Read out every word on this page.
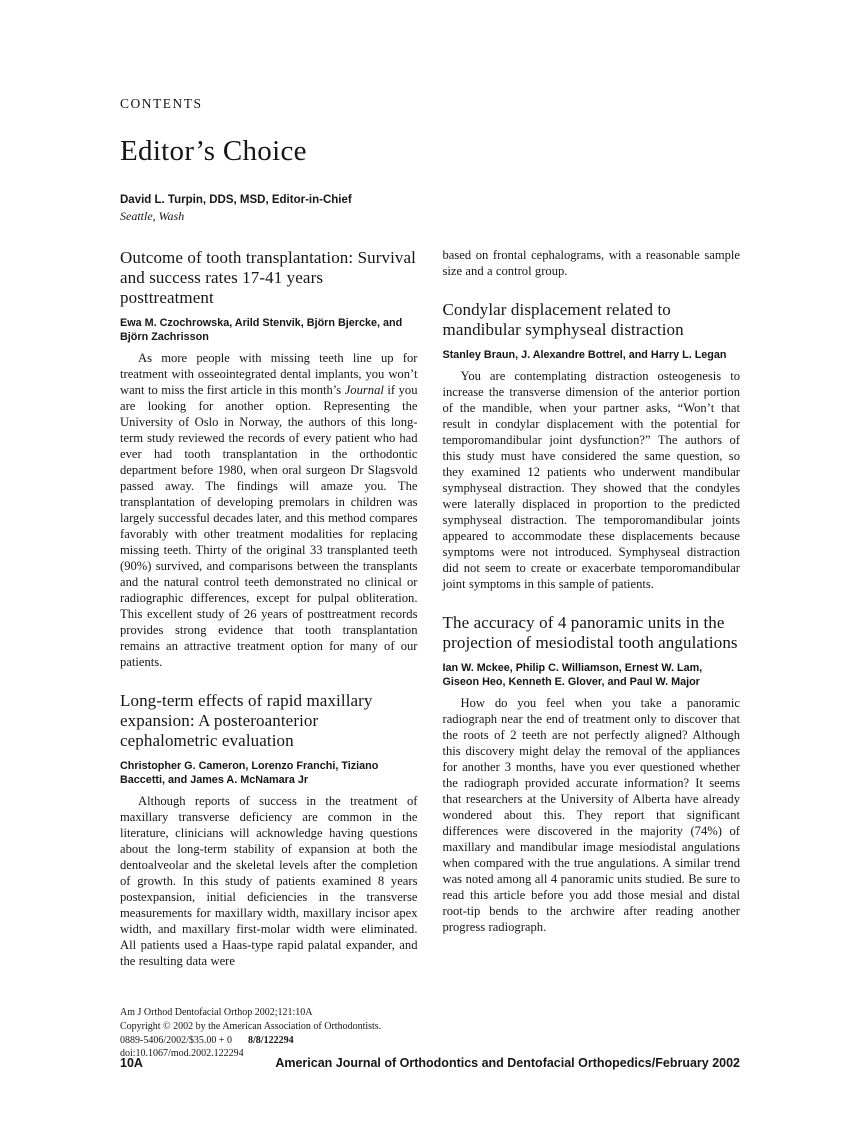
CONTENTS
Editor’s Choice
David L. Turpin, DDS, MSD, Editor-in-Chief
Seattle, Wash
Outcome of tooth transplantation: Survival and success rates 17-41 years posttreatment
Ewa M. Czochrowska, Arild Stenvik, Björn Bjercke, and Björn Zachrisson

As more people with missing teeth line up for treatment with osseointegrated dental implants, you won’t want to miss the first article in this month’s Journal if you are looking for another option. Representing the University of Oslo in Norway, the authors of this long-term study reviewed the records of every patient who had ever had tooth transplantation in the orthodontic department before 1980, when oral surgeon Dr Slagsvold passed away. The findings will amaze you. The transplantation of developing premolars in children was largely successful decades later, and this method compares favorably with other treatment modalities for replacing missing teeth. Thirty of the original 33 transplanted teeth (90%) survived, and comparisons between the transplants and the natural control teeth demonstrated no clinical or radiographic differences, except for pulpal obliteration. This excellent study of 26 years of posttreatment records provides strong evidence that tooth transplantation remains an attractive treatment option for many of our patients.

Long-term effects of rapid maxillary expansion: A posteroanterior cephalometric evaluation
Christopher G. Cameron, Lorenzo Franchi, Tiziano Baccetti, and James A. McNamara Jr

Although reports of success in the treatment of maxillary transverse deficiency are common in the literature, clinicians will acknowledge having questions about the long-term stability of expansion at both the dentoalveolar and the skeletal levels after the completion of growth. In this study of patients examined 8 years postexpansion, initial deficiencies in the transverse measurements for maxillary width, maxillary incisor apex width, and maxillary first-molar width were eliminated. All patients used a Haas-type rapid palatal expander, and the resulting data were

Am J Orthod Dentofacial Orthop 2002;121:10A
Copyright © 2002 by the American Association of Orthodontists.
0889-5406/2002/$35.00 + 0 8/8/122294
doi:10.1067/mod.2002.122294

based on frontal cephalograms, with a reasonable sample size and a control group.

Condylar displacement related to mandibular symphyseal distraction
Stanley Braun, J. Alexandre Bottrel, and Harry L. Legan

You are contemplating distraction osteogenesis to increase the transverse dimension of the anterior portion of the mandible, when your partner asks, “Won’t that result in condylar displacement with the potential for temporomandibular joint dysfunction?” The authors of this study must have considered the same question, so they examined 12 patients who underwent mandibular symphyseal distraction. They showed that the condyles were laterally displaced in proportion to the predicted symphyseal distraction. The temporomandibular joints appeared to accommodate these displacements because symptoms were not introduced. Symphyseal distraction did not seem to create or exacerbate temporomandibular joint symptoms in this sample of patients.

The accuracy of 4 panoramic units in the projection of mesiodistal tooth angulations
Ian W. Mckee, Philip C. Williamson, Ernest W. Lam, Giseon Heo, Kenneth E. Glover, and Paul W. Major

How do you feel when you take a panoramic radiograph near the end of treatment only to discover that the roots of 2 teeth are not perfectly aligned? Although this discovery might delay the removal of the appliances for another 3 months, have you ever questioned whether the radiograph provided accurate information? It seems that researchers at the University of Alberta have already wondered about this. They report that significant differences were discovered in the majority (74%) of maxillary and mandibular image mesiodistal angulations when compared with the true angulations. A similar trend was noted among all 4 panoramic units studied. Be sure to read this article before you add those mesial and distal root-tip bends to the archwire after reading another progress radiograph.

10A	American Journal of Orthodontics and Dentofacial Orthopedics/February 2002
